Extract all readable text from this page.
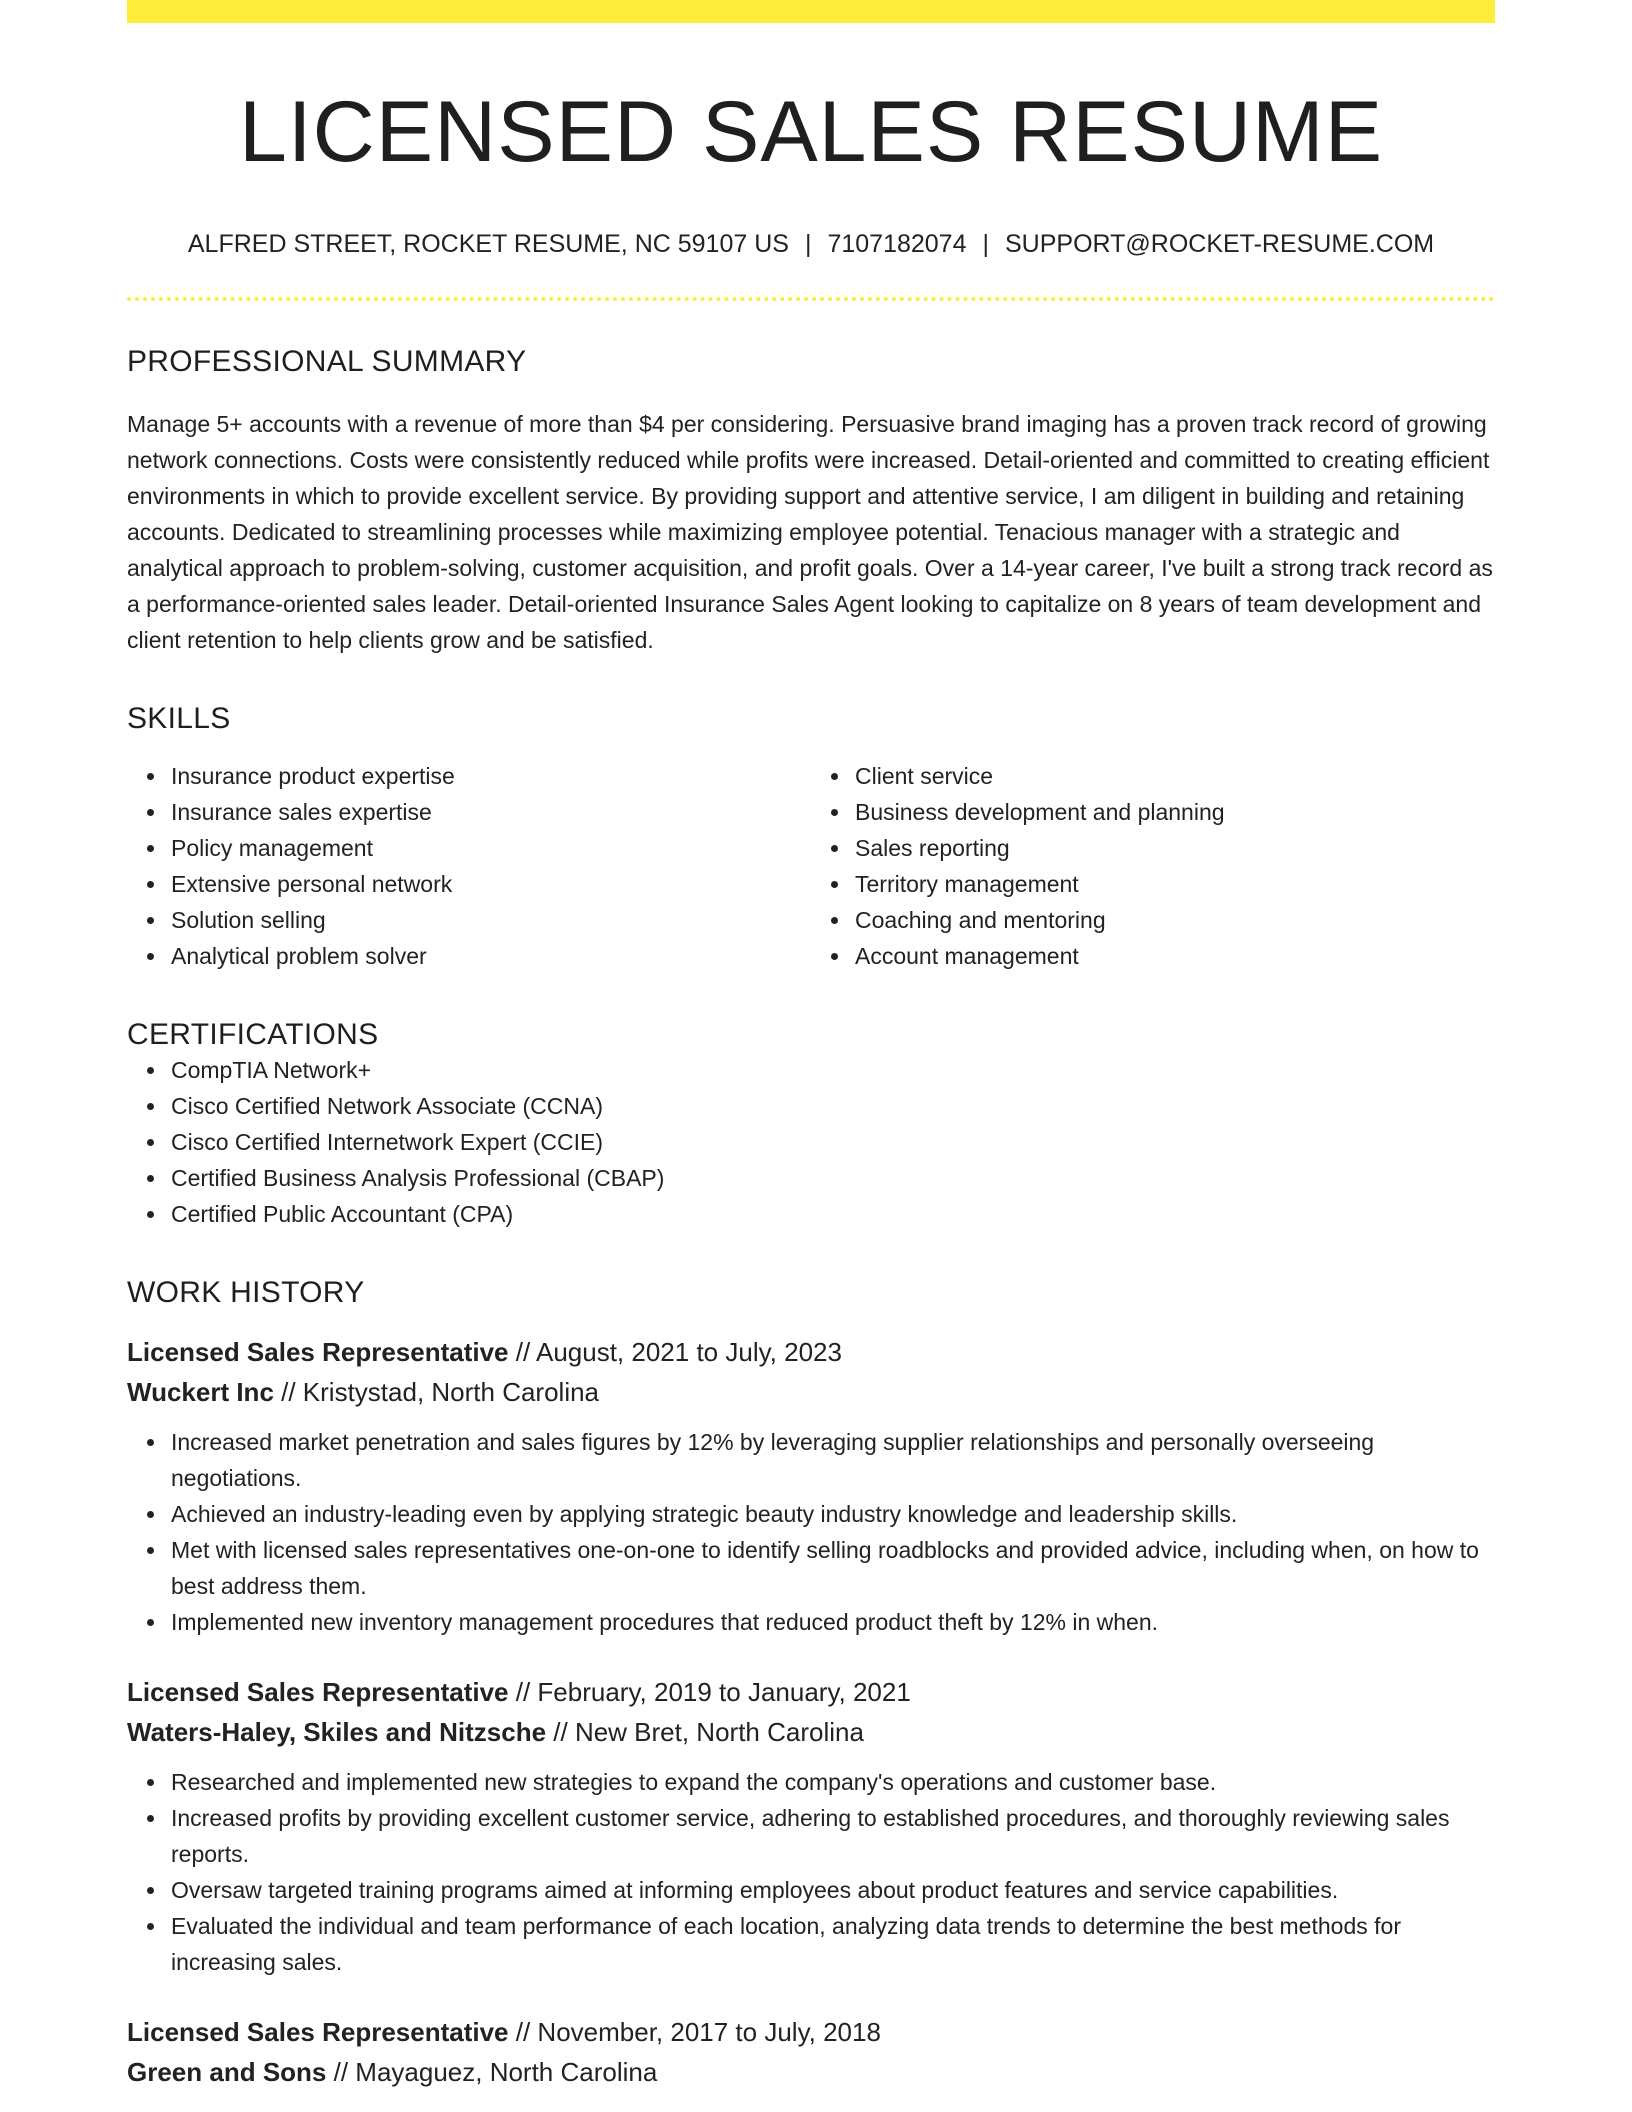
LICENSED SALES RESUME
ALFRED STREET, ROCKET RESUME, NC 59107 US | 7107182074 | SUPPORT@ROCKET-RESUME.COM
PROFESSIONAL SUMMARY

Manage 5+ accounts with a revenue of more than $4 per considering. Persuasive brand imaging has a proven track record of growing network connections. Costs were consistently reduced while profits were increased. Detail-oriented and committed to creating efficient environments in which to provide excellent service. By providing support and attentive service, I am diligent in building and retaining accounts. Dedicated to streamlining processes while maximizing employee potential. Tenacious manager with a strategic and analytical approach to problem-solving, customer acquisition, and profit goals. Over a 14-year career, I've built a strong track record as a performance-oriented sales leader. Detail-oriented Insurance Sales Agent looking to capitalize on 8 years of team development and client retention to help clients grow and be satisfied.

SKILLS
Insurance product expertise
Insurance sales expertise
Policy management
Extensive personal network
Solution selling
Analytical problem solver
Client service
Business development and planning
Sales reporting
Territory management
Coaching and mentoring
Account management
CERTIFICATIONS
CompTIA Network+
Cisco Certified Network Associate (CCNA)
Cisco Certified Internetwork Expert (CCIE)
Certified Business Analysis Professional (CBAP)
Certified Public Accountant (CPA)
WORK HISTORY
Licensed Sales Representative // August, 2021 to July, 2023
Wuckert Inc // Kristystad, North Carolina
Increased market penetration and sales figures by 12% by leveraging supplier relationships and personally overseeing negotiations.
Achieved an industry-leading even by applying strategic beauty industry knowledge and leadership skills.
Met with licensed sales representatives one-on-one to identify selling roadblocks and provided advice, including when, on how to best address them.
Implemented new inventory management procedures that reduced product theft by 12% in when.
Licensed Sales Representative // February, 2019 to January, 2021
Waters-Haley, Skiles and Nitzsche // New Bret, North Carolina
Researched and implemented new strategies to expand the company's operations and customer base.
Increased profits by providing excellent customer service, adhering to established procedures, and thoroughly reviewing sales reports.
Oversaw targeted training programs aimed at informing employees about product features and service capabilities.
Evaluated the individual and team performance of each location, analyzing data trends to determine the best methods for increasing sales.
Licensed Sales Representative // November, 2017 to July, 2018
Green and Sons // Mayaguez, North Carolina
